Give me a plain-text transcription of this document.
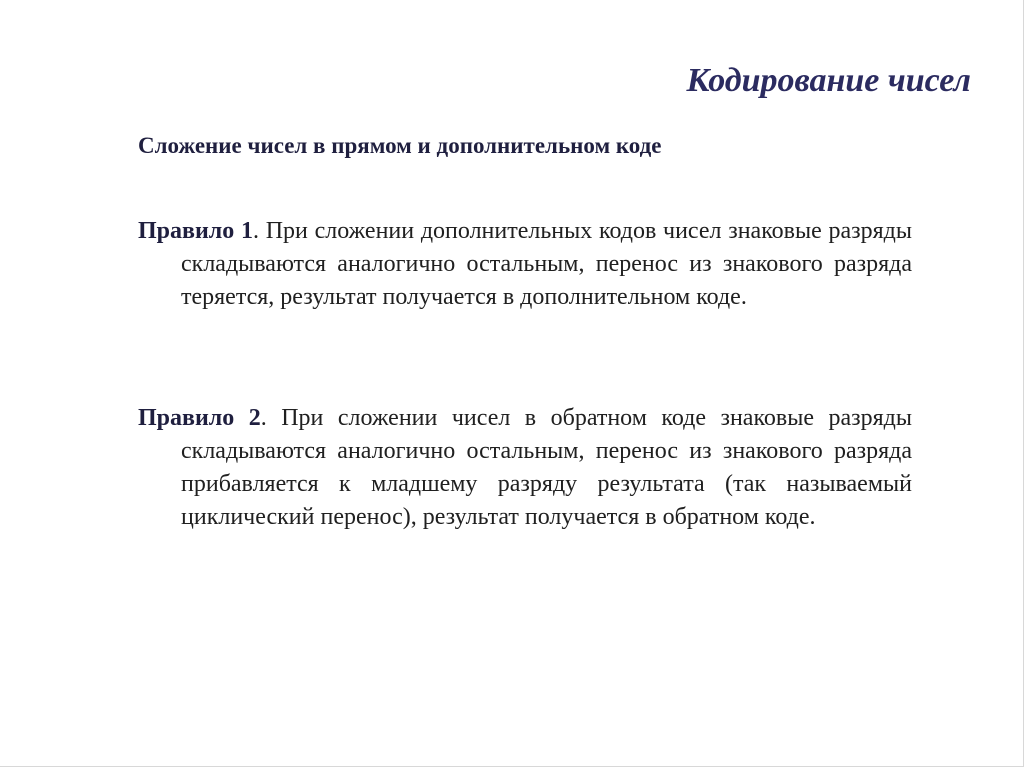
Кодирование чисел
Сложение чисел в прямом и дополнительном коде

Правило 1. При сложении дополнительных кодов чисел знаковые разряды складываются аналогично остальным, перенос из знакового разряда теряется, результат получается в дополнительном коде.

Правило 2. При сложении чисел в обратном коде знаковые разряды складываются аналогично остальным, перенос из знакового разряда прибавляется к младшему разряду результата (так называемый циклический перенос), результат получается в обратном коде.
